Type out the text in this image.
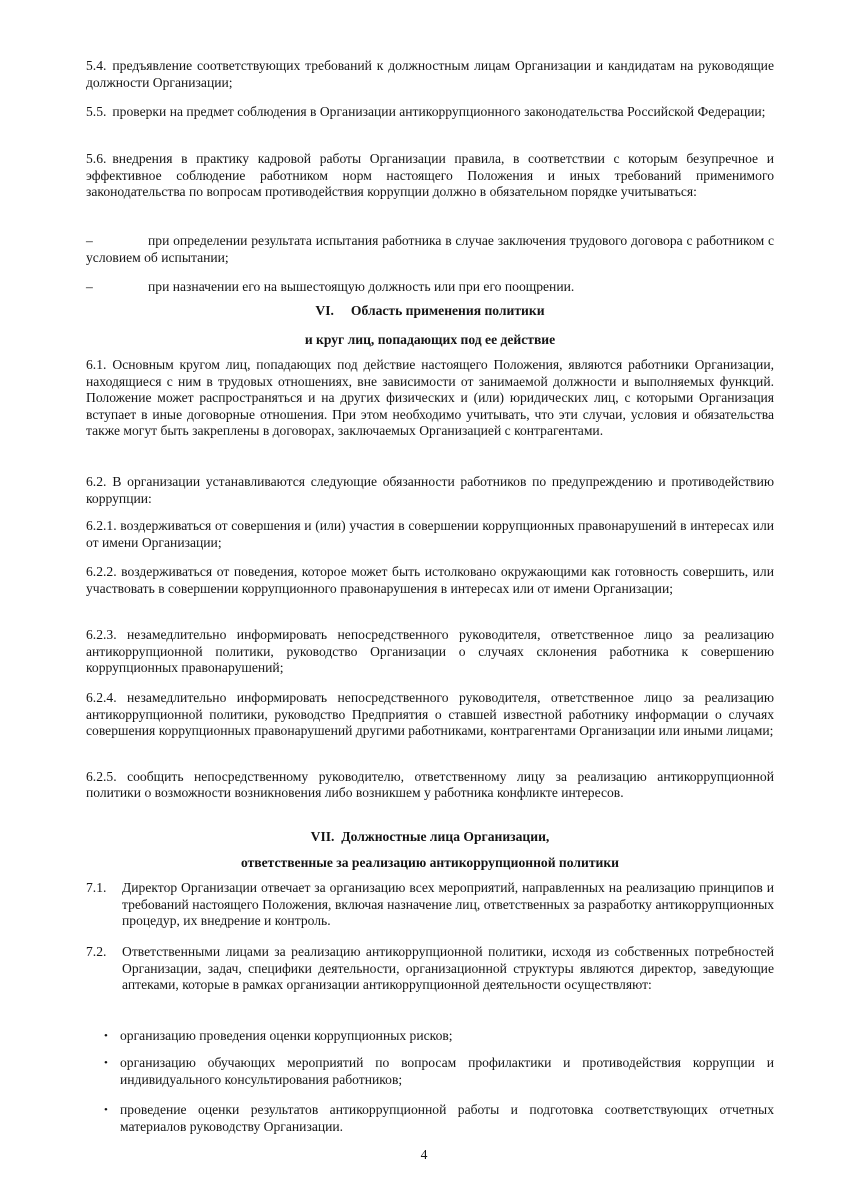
5.4. предъявление соответствующих требований к должностным лицам Организации и кандидатам на руководящие должности Организации;

5.5. проверки на предмет соблюдения в Организации антикоррупционного законодательства Российской Федерации;

5.6. внедрения в практику кадровой работы Организации правила, в соответствии с которым безупречное и эффективное соблюдение работником норм настоящего Положения и иных требований применимого законодательства по вопросам противодействия коррупции должно в обязательном порядке учитываться:

–	при определении результата испытания работника в случае заключения трудового договора с работником с условием об испытании;

–	при назначении его на вышестоящую должность или при его поощрении.

VI.     Область применения политики
и круг лиц, попадающих под ее действие

6.1. Основным кругом лиц, попадающих под действие настоящего Положения, являются работники Организации, находящиеся с ним в трудовых отношениях, вне зависимости от занимаемой должности и выполняемых функций. Положение может распространяться и на других физических и (или) юридических лиц, с которыми Организация вступает в иные договорные отношения. При этом необходимо учитывать, что эти случаи, условия и обязательства также могут быть закреплены в договорах, заключаемых Организацией с контрагентами.

6.2. В организации устанавливаются следующие обязанности работников по предупреждению и противодействию коррупции:

6.2.1. воздерживаться от совершения и (или) участия в совершении коррупционных правонарушений в интересах или от имени Организации;

6.2.2. воздерживаться от поведения, которое может быть истолковано окружающими как готовность совершить, или участвовать в совершении коррупционного правонарушения в интересах или от имени Организации;

6.2.3. незамедлительно информировать непосредственного руководителя, ответственное лицо за реализацию антикоррупционной политики, руководство Организации о случаях склонения работника к совершению коррупционных правонарушений;

6.2.4. незамедлительно информировать непосредственного руководителя, ответственное лицо за реализацию антикоррупционной политики, руководство Предприятия о ставшей известной работнику информации о случаях совершения коррупционных правонарушений другими работниками, контрагентами Организации или иными лицами;

6.2.5. сообщить непосредственному руководителю, ответственному лицу за реализацию антикоррупционной политики о возможности возникновения либо возникшем у работника конфликте интересов.

VII.  Должностные лица Организации,
ответственные за реализацию антикоррупционной политики
7.1.	Директор Организации отвечает за организацию всех мероприятий, направленных на реализацию принципов и требований настоящего Положения, включая назначение лиц, ответственных за разработку антикоррупционных процедур, их внедрение и контроль.

7.2.	Ответственными лицами за реализацию антикоррупционной политики, исходя из собственных потребностей Организации, задач, специфики деятельности, организационной структуры являются директор, заведующие аптеками, которые в рамках организации антикоррупционной деятельности осуществляют:

• организацию проведения оценки коррупционных рисков;

• организацию обучающих мероприятий по вопросам профилактики и противодействия коррупции и индивидуального консультирования работников;

• проведение оценки результатов антикоррупционной работы и подготовка соответствующих отчетных материалов руководству Организации.

4
